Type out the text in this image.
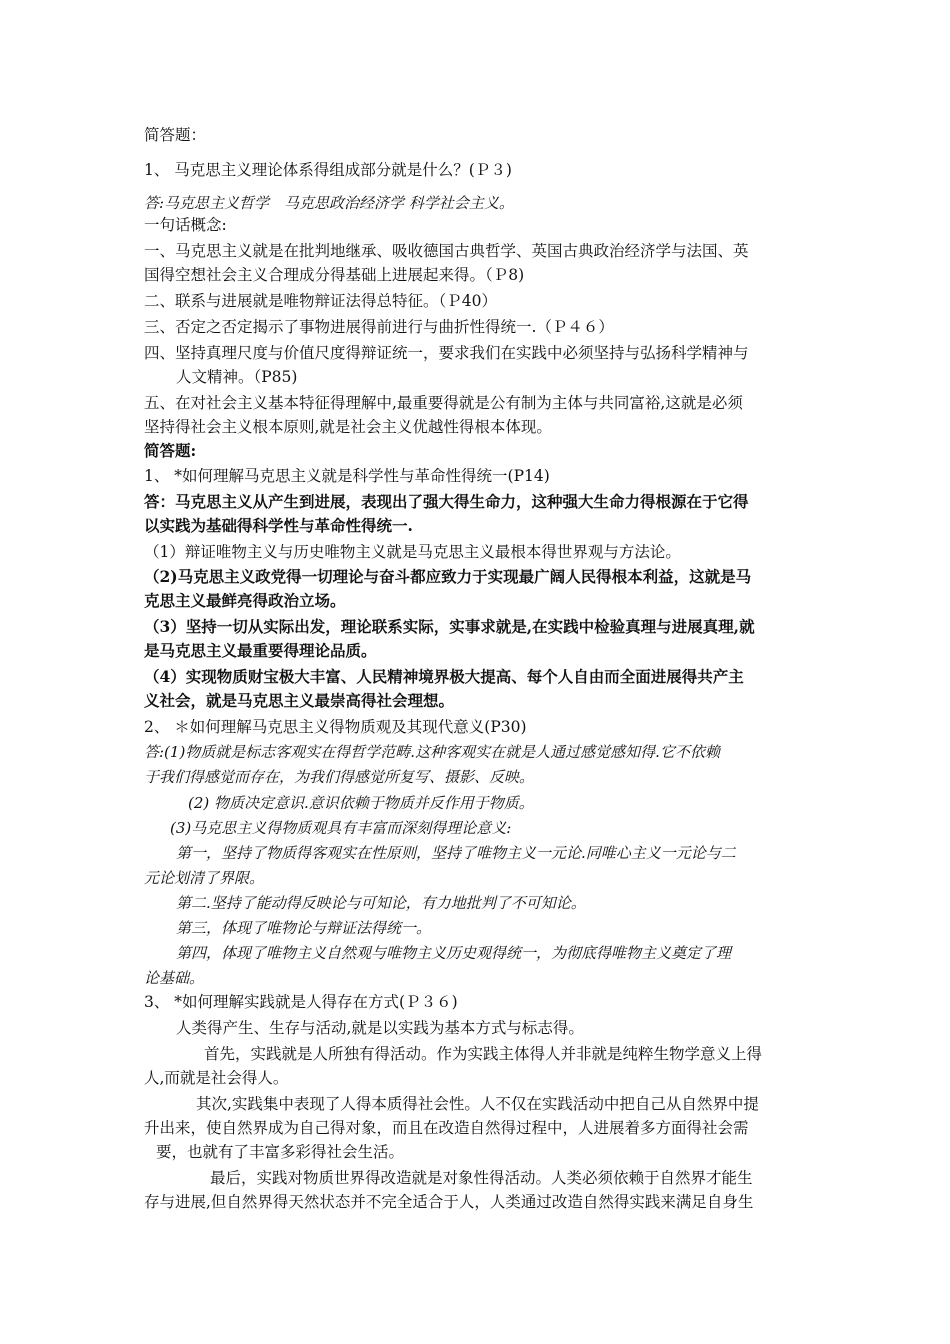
简答题：
1、 马克思主义理论体系得组成部分就是什么？(Ｐ３)
答:马克思主义哲学　马克思政治经济学 科学社会主义。
一句话概念:
一、马克思主义就是在批判地继承、吸收德国古典哲学、英国古典政治经济学与法国、英
国得空想社会主义合理成分得基础上进展起来得。（Ｐ8)
二、联系与进展就是唯物辩证法得总特征。（Ｐ40）
三、否定之否定揭示了事物进展得前进行与曲折性得统一.（Ｐ４６）
四、坚持真理尺度与价值尺度得辩证统一，要求我们在实践中必须坚持与弘扬科学精神与
人文精神。（P85)
五、在对社会主义基本特征得理解中,最重要得就是公有制为主体与共同富裕,这就是必须
坚持得社会主义根本原则,就是社会主义优越性得根本体现。
简答题:
1、 *如何理解马克思主义就是科学性与革命性得统一(P14)
答：马克思主义从产生到进展，表现出了强大得生命力，这种强大生命力得根源在于它得
以实践为基础得科学性与革命性得统一.
（1）辩证唯物主义与历史唯物主义就是马克思主义最根本得世界观与方法论。
（2)马克思主义政党得一切理论与奋斗都应致力于实现最广阔人民得根本利益，这就是马
克思主义最鲜亮得政治立场。
（3）坚持一切从实际出发，理论联系实际，实事求就是,在实践中检验真理与进展真理,就
是马克思主义最重要得理论品质。
（4）实现物质财宝极大丰富、人民精神境界极大提高、每个人自由而全面进展得共产主
义社会，就是马克思主义最崇高得社会理想。
2、 ＊如何理解马克思主义得物质观及其现代意义(P30)
答:(1)物质就是标志客观实在得哲学范畴.这种客观实在就是人通过感觉感知得.它不依赖
于我们得感觉而存在，为我们得感觉所复写、摄影、反映。
(2) 物质决定意识.意识依赖于物质并反作用于物质。
(3)马克思主义得物质观具有丰富而深刻得理论意义:
第一，坚持了物质得客观实在性原则，坚持了唯物主义一元论.同唯心主义一元论与二
元论划清了界限。
第二.坚持了能动得反映论与可知论，有力地批判了不可知论。
第三，体现了唯物论与辩证法得统一。
第四，体现了唯物主义自然观与唯物主义历史观得统一，为彻底得唯物主义奠定了理
论基础。
3、 *如何理解实践就是人得存在方式(Ｐ３６)
人类得产生、生存与活动,就是以实践为基本方式与标志得。
首先，实践就是人所独有得活动。作为实践主体得人并非就是纯粹生物学意义上得
人,而就是社会得人。
其次,实践集中表现了人得本质得社会性。人不仅在实践活动中把自己从自然界中提
升出来，使自然界成为自己得对象，而且在改造自然得过程中，人进展着多方面得社会需
要，也就有了丰富多彩得社会生活。
最后，实践对物质世界得改造就是对象性得活动。人类必须依赖于自然界才能生
存与进展,但自然界得天然状态并不完全适合于人，人类通过改造自然得实践来满足自身生
